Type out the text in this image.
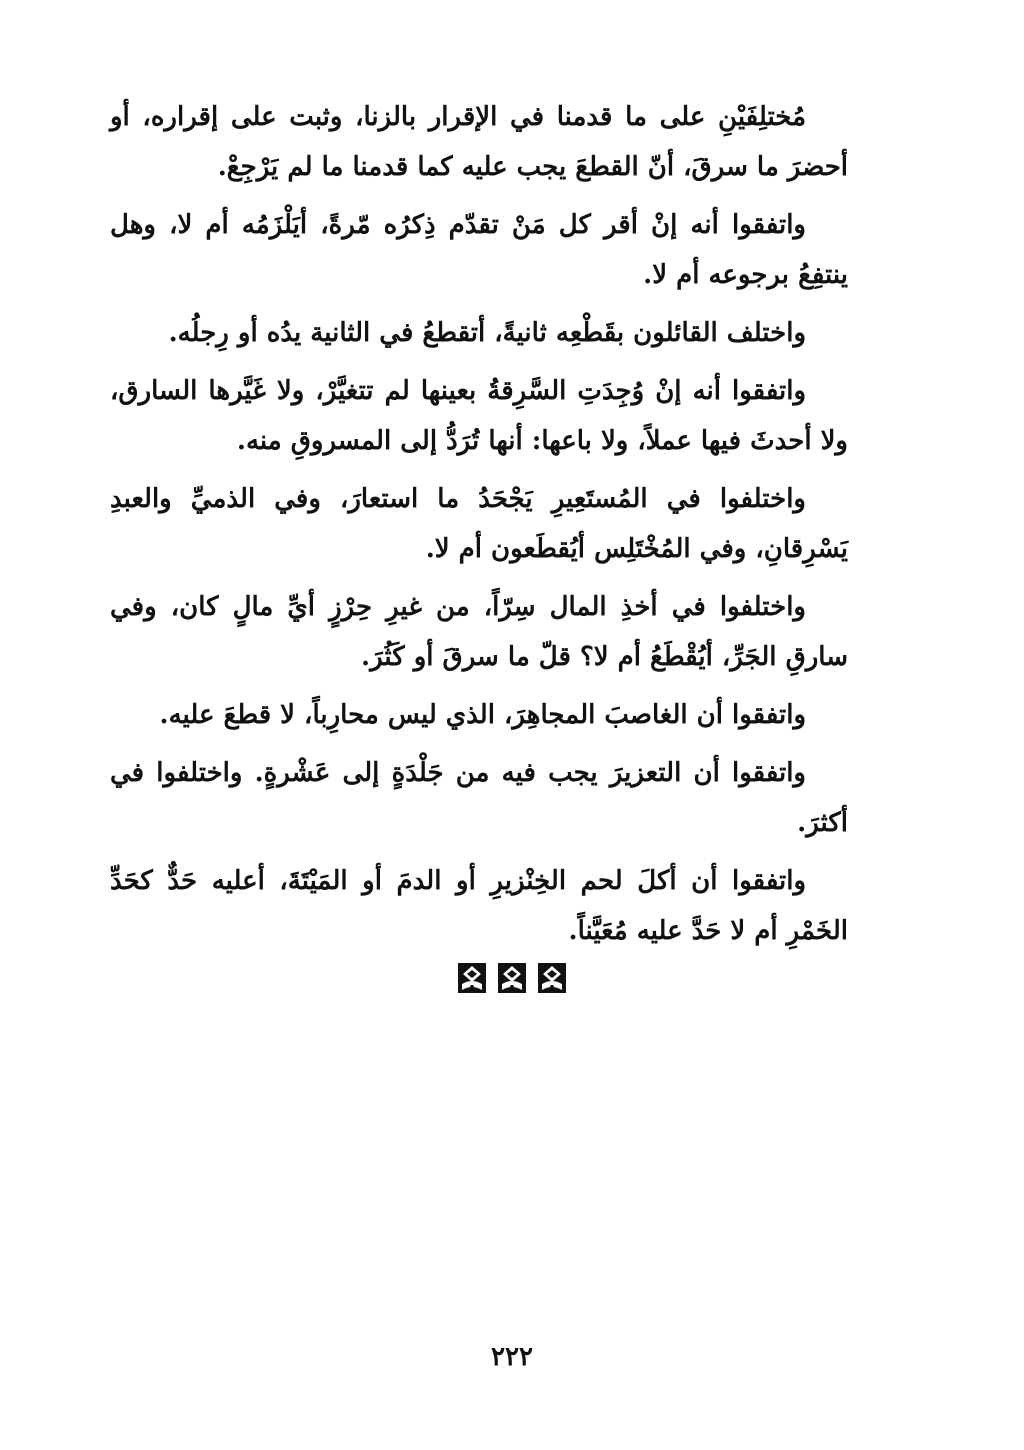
مُختلِفَيْنِ على ما قدمنا في الإقرار بالزنا، وثبت على إقراره، أو أحضرَ ما سرقَ، أنّ القطعَ يجب عليه كما قدمنا ما لم يَرْجِعْ.

واتفقوا أنه إنْ أقر كل مَنْ تقدّم ذِكرُه مّرةً، أيَلْزَمُه أم لا، وهل ينتفِعُ برجوعه أم لا.

واختلف القائلون بقَطْعِه ثانيةً، أتقطعُ في الثانية يدُه أو رِجلُه.

واتفقوا أنه إنْ وُجِدَتِ السَّرِقةُ بعينها لم تتغيَّرْ، ولا غَيَّرها السارق، ولا أحدثَ فيها عملاً، ولا باعها: أنها تُرَدُّ إلى المسروقِ منه.

واختلفوا في المُستَعِيرِ يَجْحَدُ ما استعارَ، وفي الذميِّ والعبدِ يَسْرِقانِ، وفي المُخْتَلِس أيُقطَعون أم لا.

واختلفوا في أخذِ المال سِرّاً، من غيرِ حِرْزٍ أيِّ مالٍ كان، وفي سارقِ الجَرِّ، أيُقْطَعُ أم لا؟ قلّ ما سرقَ أو كَثُرَ.

واتفقوا أن الغاصبَ المجاهِرَ، الذي ليس محارِباً، لا قطعَ عليه.

واتفقوا أن التعزيرَ يجب فيه من جَلْدَةٍ إلى عَشْرةٍ. واختلفوا في أكثرَ.

واتفقوا أن أكلَ لحم الخِنْزيرِ أو الدمَ أو المَيْتَةَ، أعليه حَدٌّ كحَدِّ الخَمْرِ أم لا حَدَّ عليه مُعَيَّناً.

٢٢٢
